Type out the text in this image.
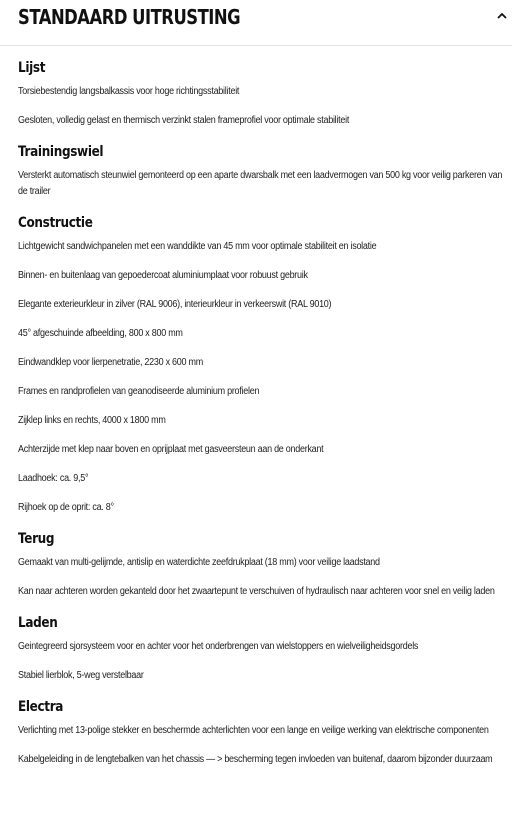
STANDAARD UITRUSTING
Lijst
Torsiebestendig langsbalkassis voor hoge richtingsstabiliteit
Gesloten, volledig gelast en thermisch verzinkt stalen frameprofiel voor optimale stabiliteit
Trainingswiel
Versterkt automatisch steunwiel gemonteerd op een aparte dwarsbalk met een laadvermogen van 500 kg voor veilig parkeren van de trailer
Constructie
Lichtgewicht sandwichpanelen met een wanddikte van 45 mm voor optimale stabiliteit en isolatie
Binnen- en buitenlaag van gepoedercoat aluminiumplaat voor robuust gebruik
Elegante exterieurkleur in zilver (RAL 9006), interieurkleur in verkeerswit (RAL 9010)
45° afgeschuinde afbeelding, 800 x 800 mm
Eindwandklep voor lierpenetratie, 2230 x 600 mm
Frames en randprofielen van geanodiseerde aluminium profielen
Zijklep links en rechts, 4000 x 1800 mm
Achterzijde met klep naar boven en oprijplaat met gasveersteun aan de onderkant
Laadhoek: ca. 9,5°
Rijhoek op de oprit: ca. 8°
Terug
Gemaakt van multi-gelijmde, antislip en waterdichte zeefdrukplaat (18 mm) voor veilige laadstand
Kan naar achteren worden gekanteld door het zwaartepunt te verschuiven of hydraulisch naar achteren voor snel en veilig laden
Laden
Geintegreerd sjorsysteem voor en achter voor het onderbrengen van wielstoppers en wielveiligheidsgordels
Stabiel lierblok, 5-weg verstelbaar
Electra
Verlichting met 13-polige stekker en beschermde achterlichten voor een lange en veilige werking van elektrische componenten
Kabelgeleiding in de lengtebalken van het chassis — > bescherming tegen invloeden van buitenaf, daarom bijzonder duurzaam
